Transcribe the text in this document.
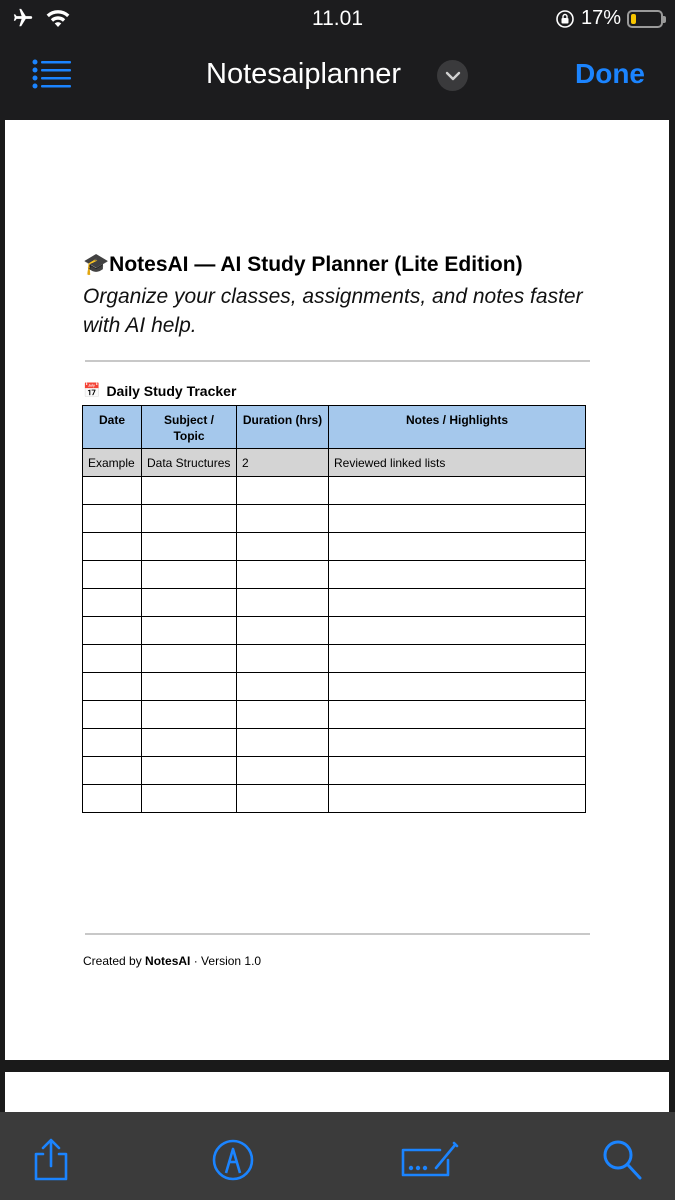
11.01	17%
Notesaiplanner	Done
🎓 NotesAI — AI Study Planner (Lite Edition)
Organize your classes, assignments, and notes faster with AI help.
📅 Daily Study Tracker
Date	Subject / Topic	Duration (hrs)	Notes / Highlights
Example	Data Structures	2	Reviewed linked lists

Created by NotesAI · Version 1.0
